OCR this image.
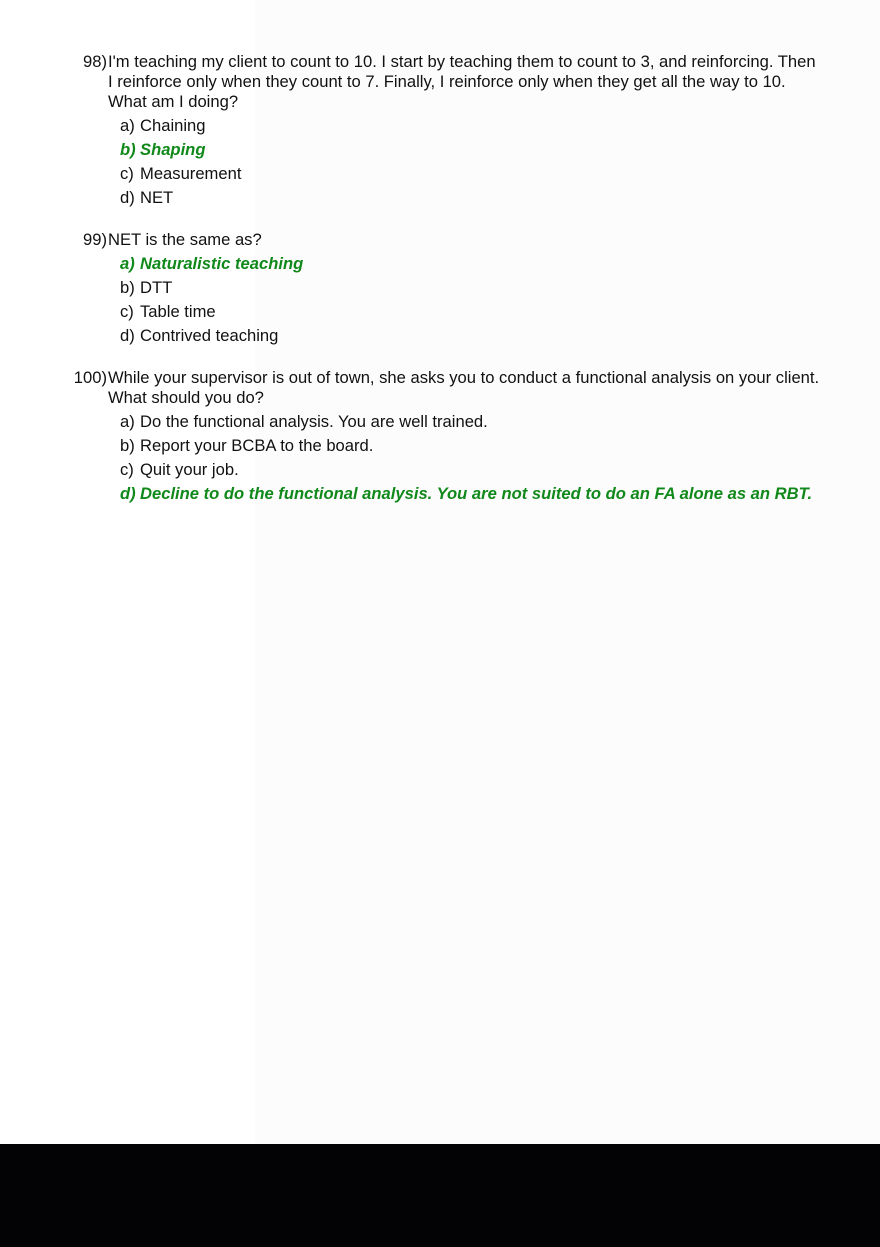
98) I'm teaching my client to count to 10. I start by teaching them to count to 3, and reinforcing. Then I reinforce only when they count to 7. Finally, I reinforce only when they get all the way to 10. What am I doing?
a) Chaining
b) Shaping
c) Measurement
d) NET
99) NET is the same as?
a) Naturalistic teaching
b) DTT
c) Table time
d) Contrived teaching
100) While your supervisor is out of town, she asks you to conduct a functional analysis on your client. What should you do?
a) Do the functional analysis. You are well trained.
b) Report your BCBA to the board.
c) Quit your job.
d) Decline to do the functional analysis. You are not suited to do an FA alone as an RBT.
